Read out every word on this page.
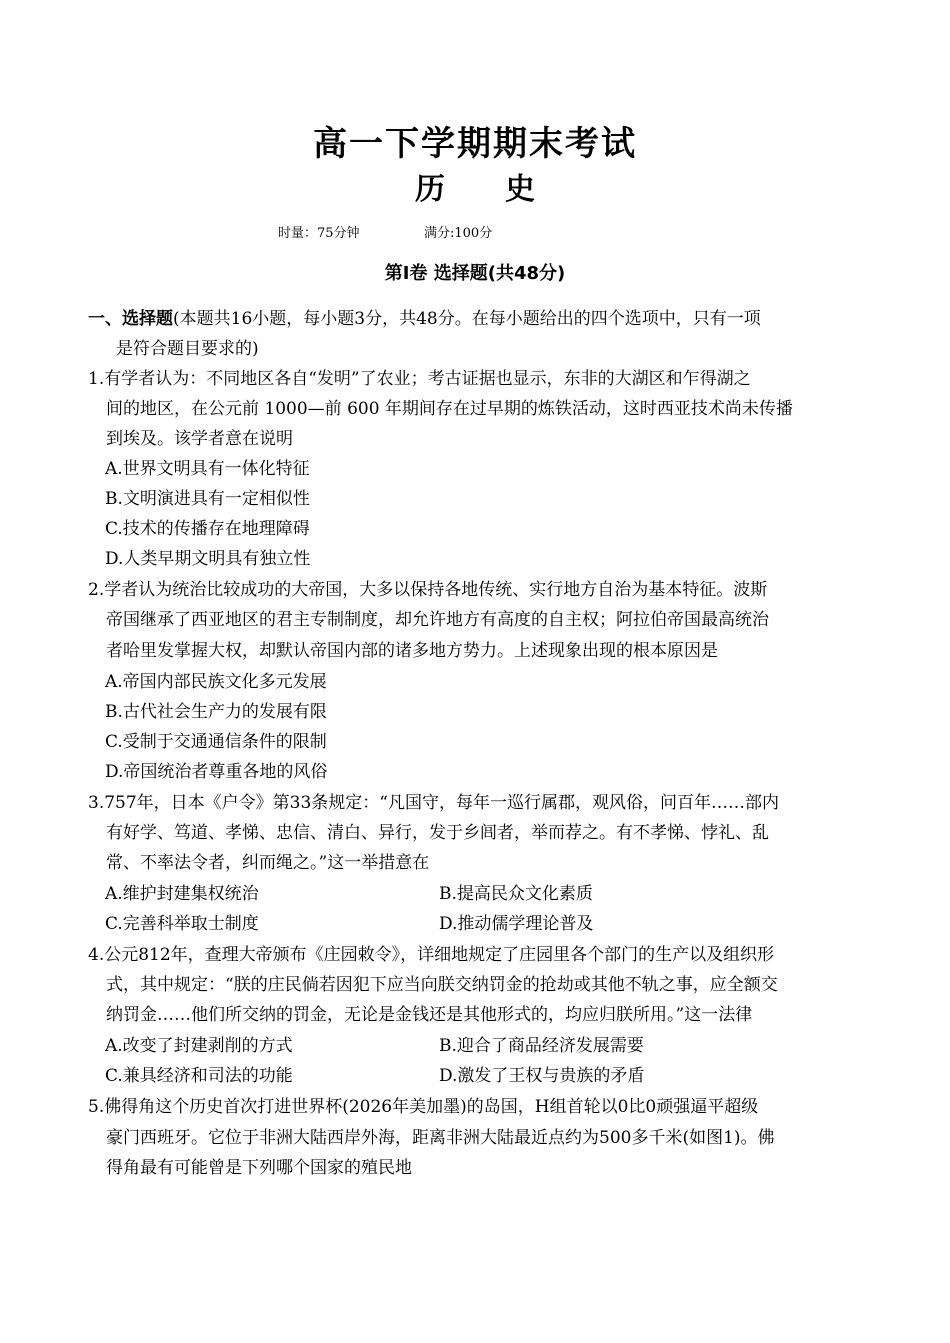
高一下学期期末考试
历　　史
时量：75分钟	满分:100分
第Ⅰ卷 选择题(共48分)
一、选择题(本题共16小题，每小题3分，共48分。在每小题给出的四个选项中，只有一项
是符合题目要求的)
1.有学者认为：不同地区各自“发明”了农业；考古证据也显示，东非的大湖区和乍得湖之
间的地区，在公元前 1000—前 600 年期间存在过早期的炼铁活动，这时西亚技术尚未传播
到埃及。该学者意在说明
A.世界文明具有一体化特征
B.文明演进具有一定相似性
C.技术的传播存在地理障碍
D.人类早期文明具有独立性
2.学者认为统治比较成功的大帝国，大多以保持各地传统、实行地方自治为基本特征。波斯
帝国继承了西亚地区的君主专制制度，却允许地方有高度的自主权；阿拉伯帝国最高统治
者哈里发掌握大权，却默认帝国内部的诸多地方势力。上述现象出现的根本原因是
A.帝国内部民族文化多元发展
B.古代社会生产力的发展有限
C.受制于交通通信条件的限制
D.帝国统治者尊重各地的风俗
3.757年，日本《户令》第33条规定：“凡国守，每年一巡行属郡，观风俗，问百年……部内
有好学、笃道、孝悌、忠信、清白、异行，发于乡闾者，举而荐之。有不孝悌、悖礼、乱
常、不率法令者，纠而绳之。”这一举措意在
A.维护封建集权统治	B.提高民众文化素质
C.完善科举取士制度	D.推动儒学理论普及
4.公元812年，查理大帝颁布《庄园敕令》，详细地规定了庄园里各个部门的生产以及组织形
式，其中规定：“朕的庄民倘若因犯下应当向朕交纳罚金的抢劫或其他不轨之事，应全额交
纳罚金……他们所交纳的罚金，无论是金钱还是其他形式的，均应归朕所用。”这一法律
A.改变了封建剥削的方式	B.迎合了商品经济发展需要
C.兼具经济和司法的功能	D.激发了王权与贵族的矛盾
5.佛得角这个历史首次打进世界杯(2026年美加墨)的岛国，H组首轮以0比0顽强逼平超级
豪门西班牙。它位于非洲大陆西岸外海，距离非洲大陆最近点约为500多千米(如图1)。佛
得角最有可能曾是下列哪个国家的殖民地
